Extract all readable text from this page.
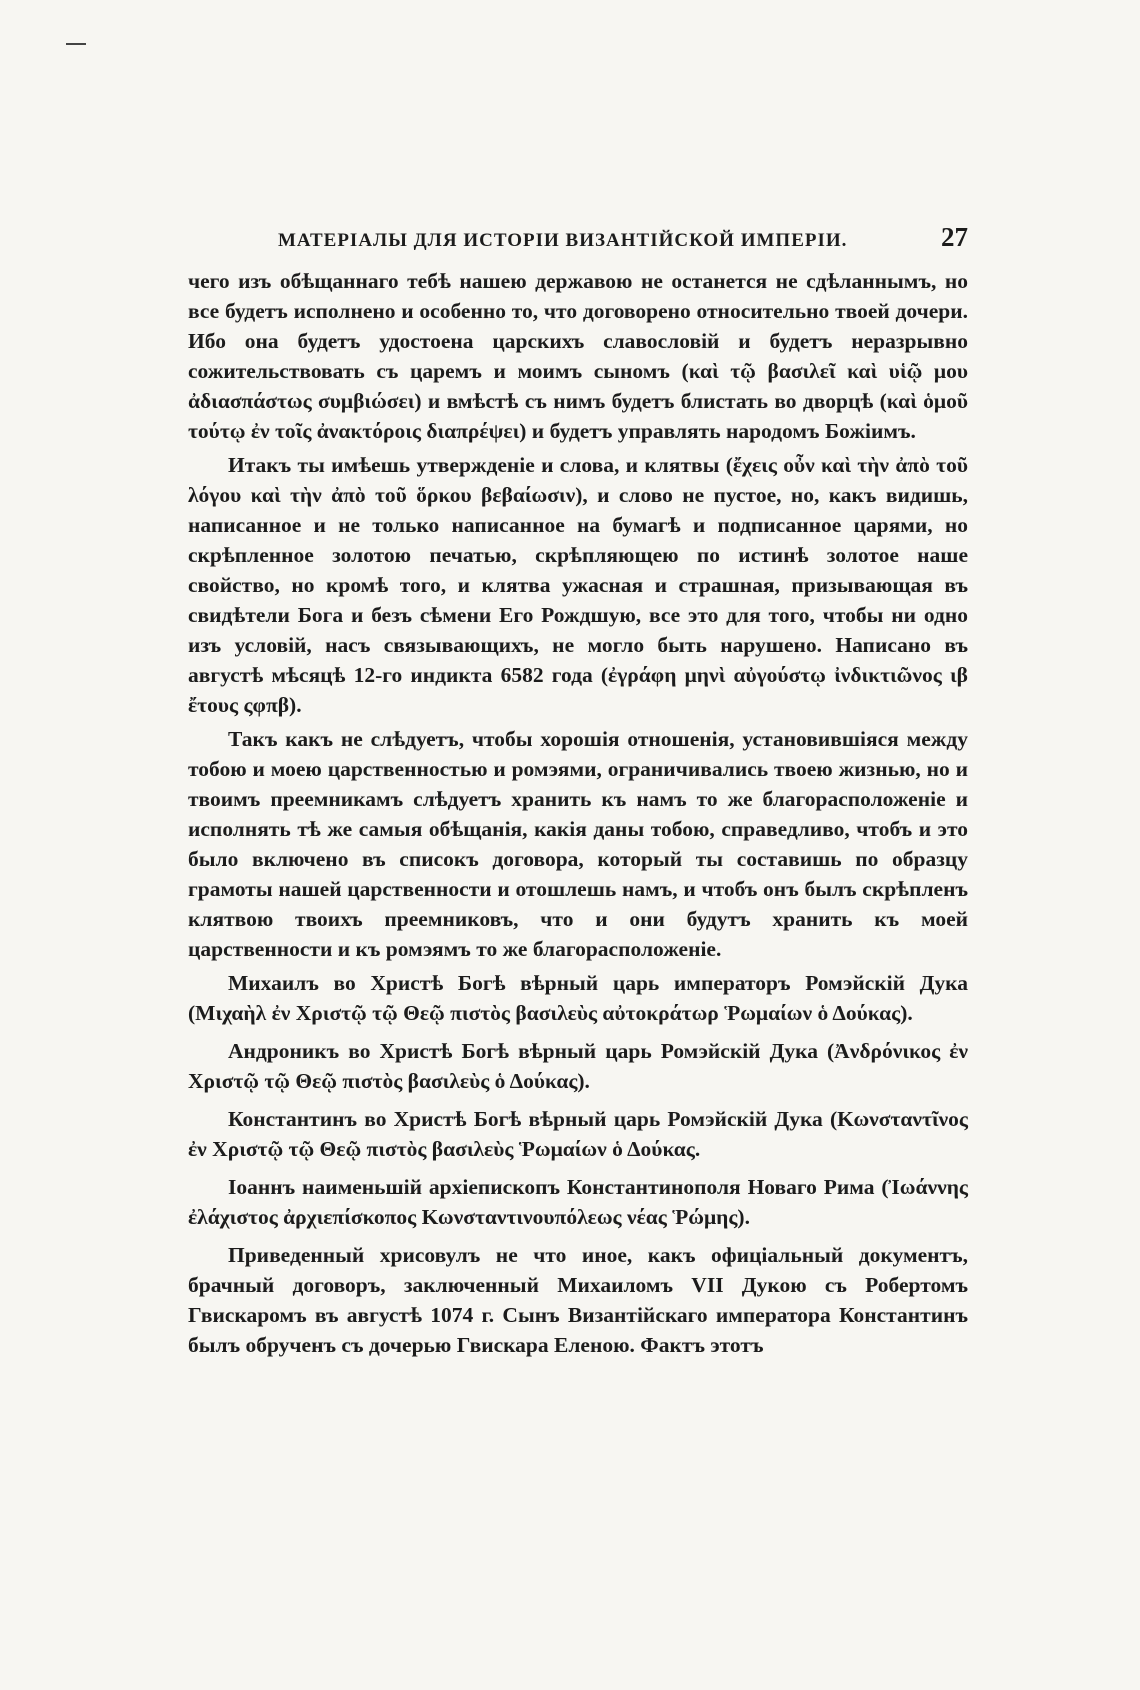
МАТЕРІАЛЫ ДЛЯ ИСТОРІИ ВИЗАНТІЙСКОЙ ИМПЕРІИ.	27

чего изъ обѣщаннаго тебѣ нашею державою не останется не сдѣланнымъ, но все будетъ исполнено и особенно то, что договорено относительно твоей дочери. Ибо она будетъ удостоена царскихъ славословій и будетъ неразрывно сожительствовать съ царемъ и моимъ сыномъ (καὶ τῷ βασιλεῖ καὶ υἱῷ μου ἀδιασπάστως συμβιώσει) и вмѣстѣ съ нимъ будетъ блистать во дворцѣ (καὶ ὁμοῦ τούτῳ ἐν τοῖς ἀνακτόροις διαπρέψει) и будетъ управлять народомъ Божіимъ.

Итакъ ты имѣешь утвержденіе и слова, и клятвы (ἔχεις οὖν καὶ τὴν ἀπὸ τοῦ λόγου καὶ τὴν ἀπὸ τοῦ ὅρκου βεβαίωσιν), и слово не пустое, но, какъ видишь, написанное и не только написанное на бумагѣ и подписанное царями, но скрѣпленное золотою печатью, скрѣпляющею по истинѣ золотое наше свойство, но кромѣ того, и клятва ужасная и страшная, призывающая въ свидѣтели Бога и безъ сѣмени Его Рождшую, все это для того, чтобы ни одно изъ условій, насъ связывающихъ, не могло быть нарушено. Написано въ августѣ мѣсяцѣ 12-го индикта 6582 года (ἐγράφη μηνὶ αὐγούστῳ ἰνδικτιῶνος ιβ ἔτους ςφπβ).

Такъ какъ не слѣдуетъ, чтобы хорошія отношенія, установившіяся между тобою и моею царственностью и ромэями, ограничивались твоею жизнью, но и твоимъ преемникамъ слѣдуетъ хранить къ намъ то же благорасположеніе и исполнять тѣ же самыя обѣщанія, какія даны тобою, справедливо, чтобъ и это было включено въ списокъ договора, который ты составишь по образцу грамоты нашей царственности и отошлешь намъ, и чтобъ онъ былъ скрѣпленъ клятвою твоихъ преемниковъ, что и они будутъ хранить къ моей царственности и къ ромэямъ то же благорасположеніе.

Михаилъ во Христѣ Богѣ вѣрный царь императоръ Ромэйскій Дука (Μιχαὴλ ἐν Χριστῷ τῷ Θεῷ πιστὸς βασιλεὺς αὐτοκράτωρ Ῥωμαίων ὁ Δούκας).

Андроникъ во Христѣ Богѣ вѣрный царь Ромэйскій Дука (Ἀνδρόνικος ἐν Χριστῷ τῷ Θεῷ πιστὸς βασιλεὺς ὁ Δούκας).

Константинъ во Христѣ Богѣ вѣрный царь Ромэйскій Дука (Κωνσταντῖνος ἐν Χριστῷ τῷ Θεῷ πιστὸς βασιλεὺς Ῥωμαίων ὁ Δούκας.

Іоаннъ наименьшій архіепископъ Константинополя Новаго Рима (Ἰωάννης ἐλάχιστος ἀρχιεπίσκοπος Κωνσταντινουπόλεως νέας Ῥώμης).

Приведенный хрисовулъ не что иное, какъ офиціальный документъ, брачный договоръ, заключенный Михаиломъ VII Дукою съ Робертомъ Гвискаромъ въ августѣ 1074 г. Сынъ Византійскаго императора Константинъ былъ обрученъ съ дочерью Гвискара Еленою. Фактъ этотъ
